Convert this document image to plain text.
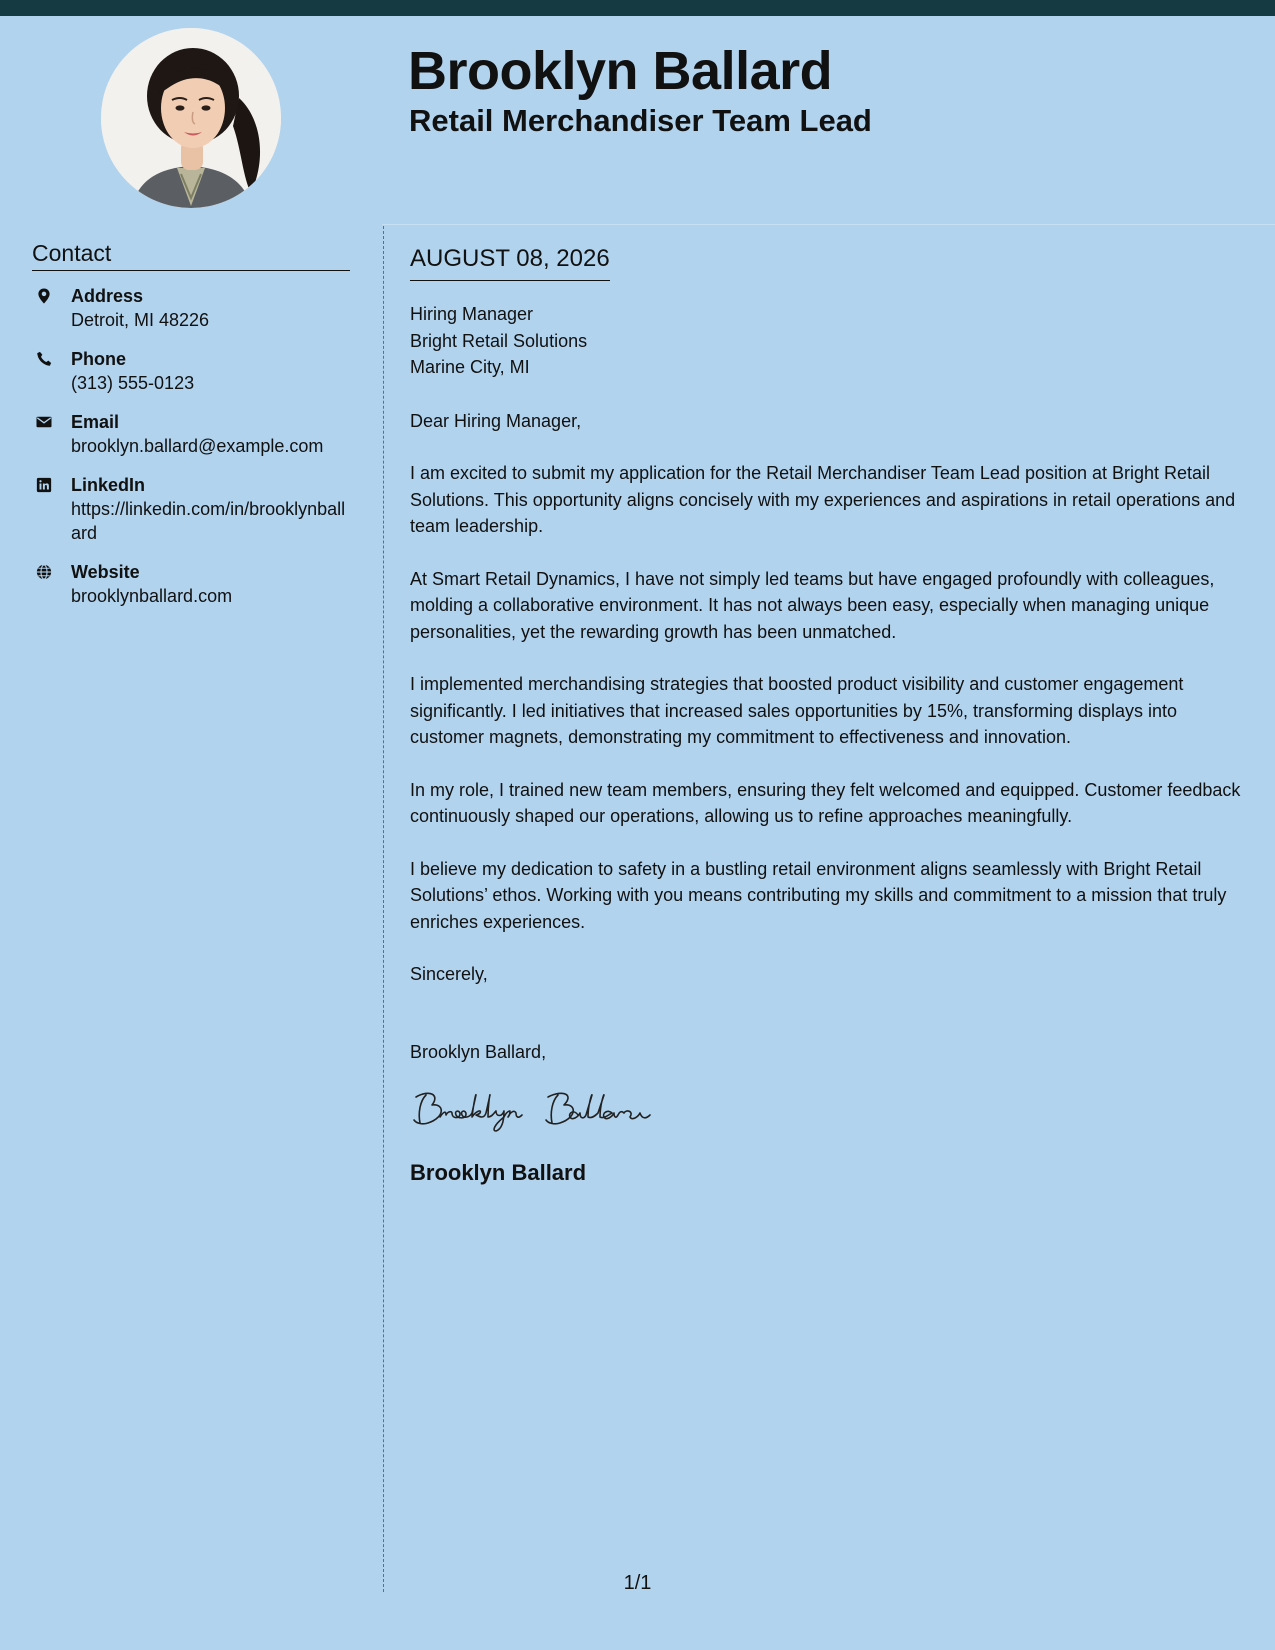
Brooklyn Ballard
Retail Merchandiser Team Lead
Contact
Address
Detroit, MI 48226
Phone
(313) 555-0123
Email
brooklyn.ballard@example.com
LinkedIn
https://linkedin.com/in/brooklynballard
Website
brooklynballard.com
AUGUST 08, 2026
Hiring Manager
Bright Retail Solutions
Marine City, MI

Dear Hiring Manager,

I am excited to submit my application for the Retail Merchandiser Team Lead position at Bright Retail Solutions. This opportunity aligns concisely with my experiences and aspirations in retail operations and team leadership.

At Smart Retail Dynamics, I have not simply led teams but have engaged profoundly with colleagues, molding a collaborative environment. It has not always been easy, especially when managing unique personalities, yet the rewarding growth has been unmatched.

I implemented merchandising strategies that boosted product visibility and customer engagement significantly. I led initiatives that increased sales opportunities by 15%, transforming displays into customer magnets, demonstrating my commitment to effectiveness and innovation.

In my role, I trained new team members, ensuring they felt welcomed and equipped. Customer feedback continuously shaped our operations, allowing us to refine approaches meaningfully.

I believe my dedication to safety in a bustling retail environment aligns seamlessly with Bright Retail Solutions’ ethos. Working with you means contributing my skills and commitment to a mission that truly enriches experiences.

Sincerely,

Brooklyn Ballard,

Brooklyn Ballard
1/1
